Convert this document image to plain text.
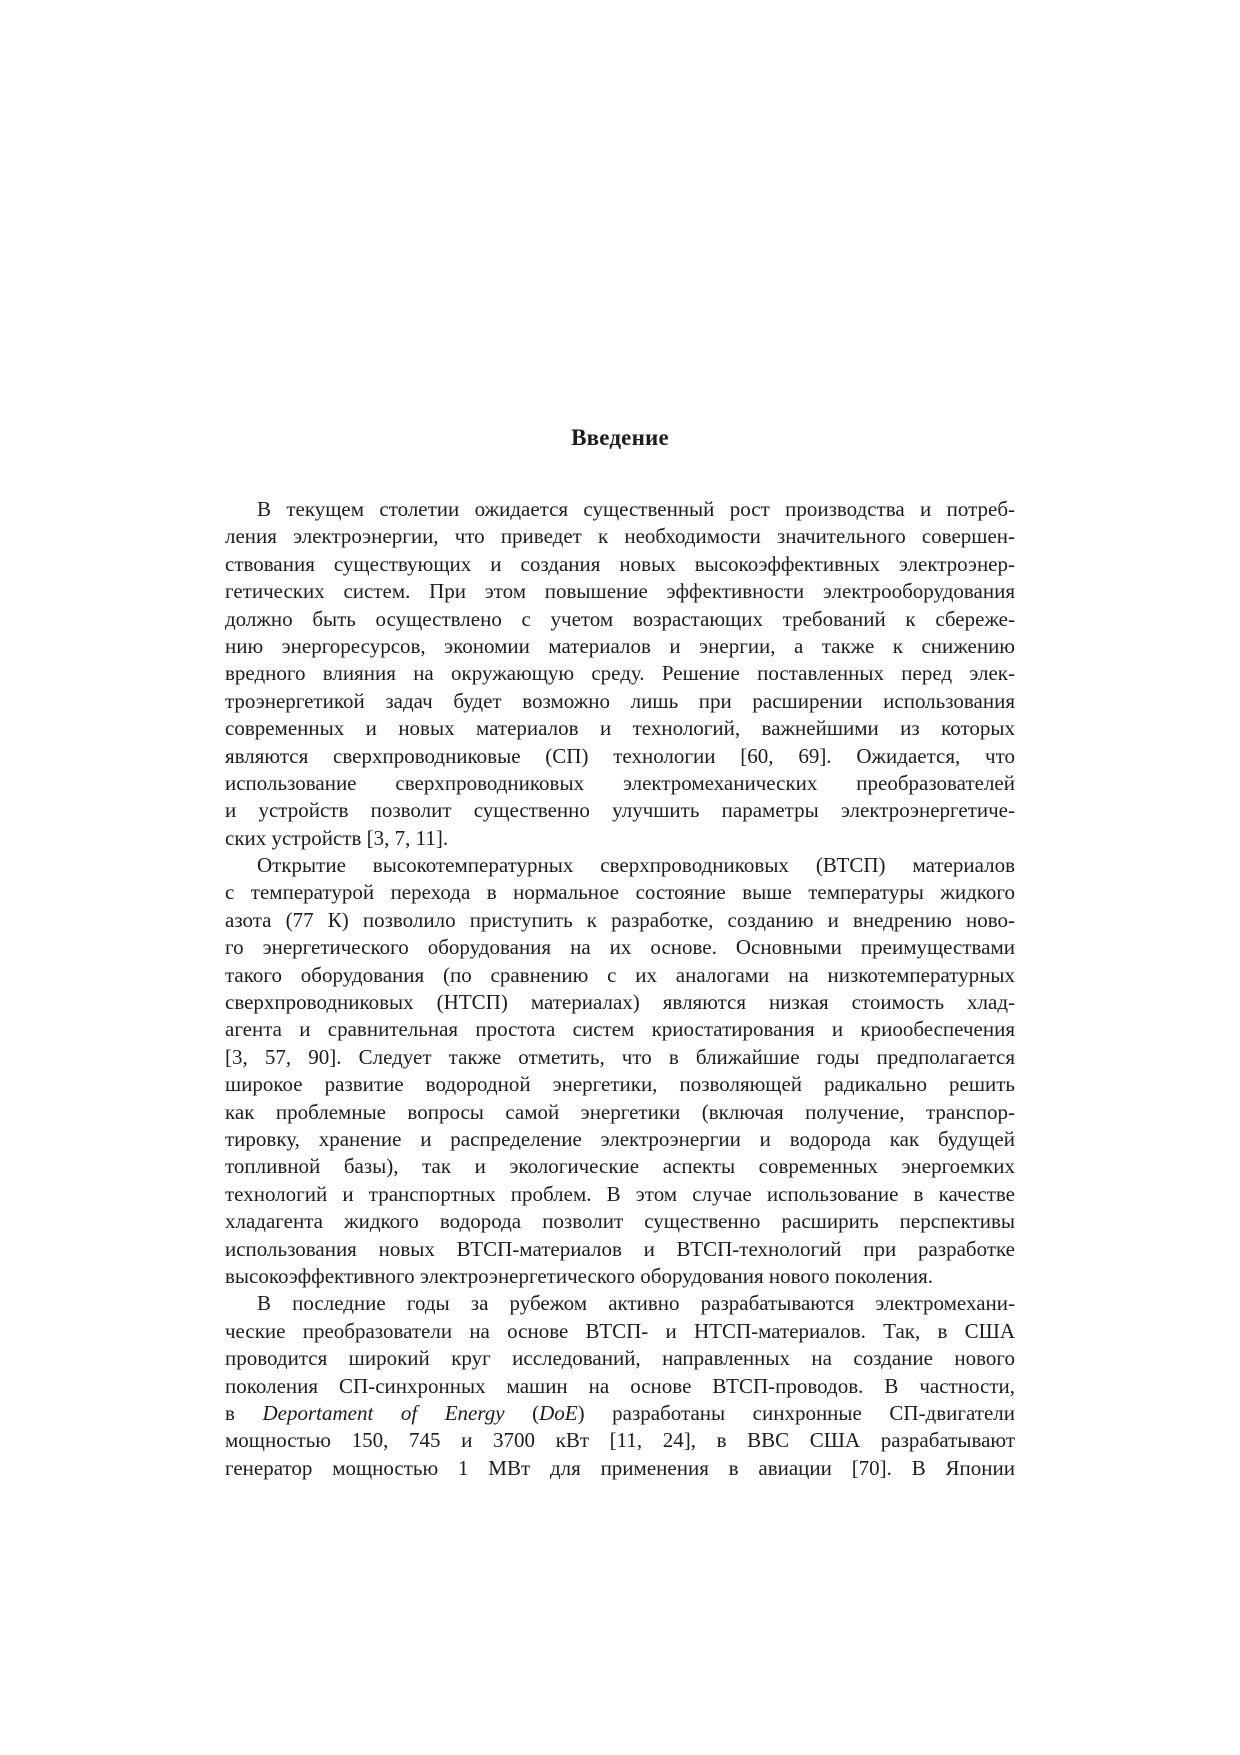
Введение
В текущем столетии ожидается существенный рост производства и потреб-
ления электроэнергии, что приведет к необходимости значительного совершен-
ствования существующих и создания новых высокоэффективных электроэнер-
гетических систем. При этом повышение эффективности электрооборудования
должно быть осуществлено с учетом возрастающих требований к сбереже-
нию энергоресурсов, экономии материалов и энергии, а также к снижению
вредного влияния на окружающую среду. Решение поставленных перед элек-
троэнергетикой задач будет возможно лишь при расширении использования
современных и новых материалов и технологий, важнейшими из которых
являются сверхпроводниковые (СП) технологии [60, 69]. Ожидается, что
использование сверхпроводниковых электромеханических преобразователей
и устройств позволит существенно улучшить параметры электроэнергетиче-
ских устройств [3, 7, 11].
Открытие высокотемпературных сверхпроводниковых (ВТСП) материалов
с температурой перехода в нормальное состояние выше температуры жидкого
азота (77 К) позволило приступить к разработке, созданию и внедрению ново-
го энергетического оборудования на их основе. Основными преимуществами
такого оборудования (по сравнению с их аналогами на низкотемпературных
сверхпроводниковых (НТСП) материалах) являются низкая стоимость хлад-
агента и сравнительная простота систем криостатирования и криообеспечения
[3, 57, 90]. Следует также отметить, что в ближайшие годы предполагается
широкое развитие водородной энергетики, позволяющей радикально решить
как проблемные вопросы самой энергетики (включая получение, транспор-
тировку, хранение и распределение электроэнергии и водорода как будущей
топливной базы), так и экологические аспекты современных энергоемких
технологий и транспортных проблем. В этом случае использование в качестве
хладагента жидкого водорода позволит существенно расширить перспективы
использования новых ВТСП-материалов и ВТСП-технологий при разработке
высокоэффективного электроэнергетического оборудования нового поколения.
В последние годы за рубежом активно разрабатываются электромехани-
ческие преобразователи на основе ВТСП- и НТСП-материалов. Так, в США
проводится широкий круг исследований, направленных на создание нового
поколения СП-синхронных машин на основе ВТСП-проводов. В частности,
в Deportament of Energy (DoE) разработаны синхронные СП-двигатели
мощностью 150, 745 и 3700 кВт [11, 24], в ВВС США разрабатывают
генератор мощностью 1 МВт для применения в авиации [70]. В Японии
